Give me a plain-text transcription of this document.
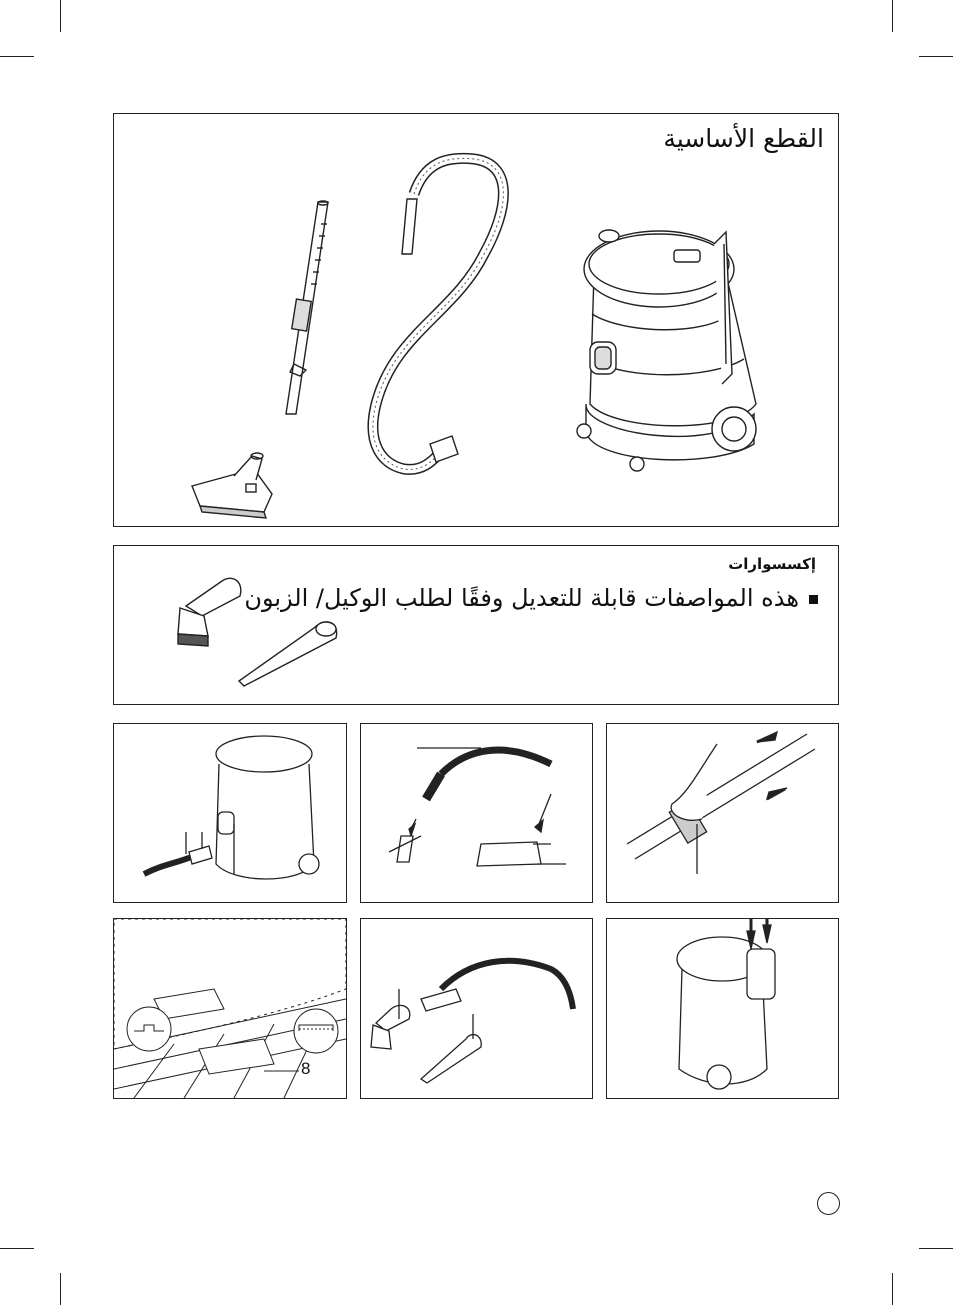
القطع الأساسية
إكسسوارات
هذه المواصفات قابلة للتعديل وفقًا لطلب الوكيل/ الزبون
8
